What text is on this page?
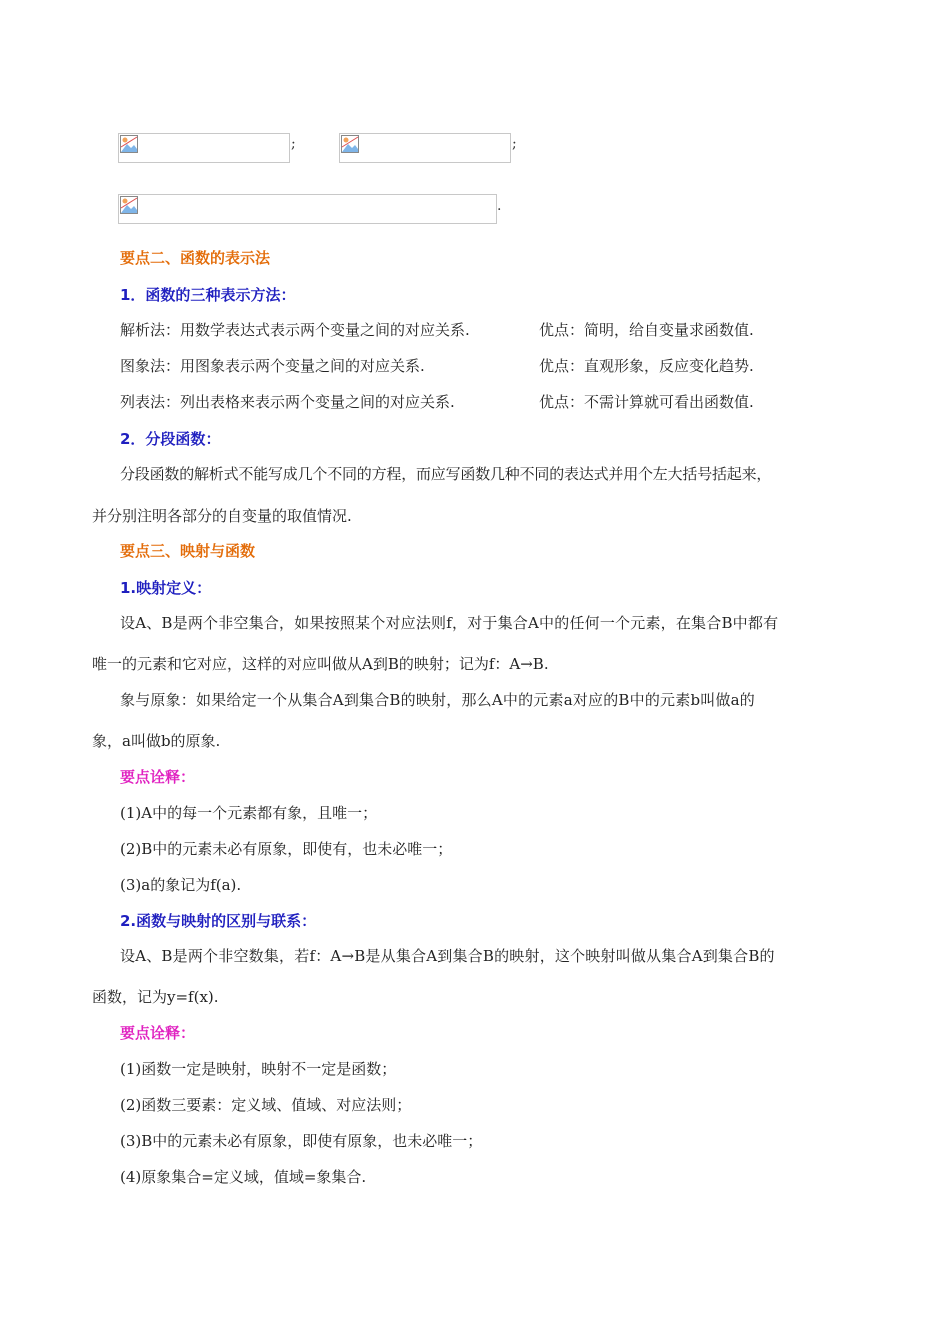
;	;
.
要点二、函数的表示法
1．函数的三种表示方法：
解析法：用数学表达式表示两个变量之间的对应关系.	优点：简明，给自变量求函数值.
图象法：用图象表示两个变量之间的对应关系.	优点：直观形象，反应变化趋势.
列表法：列出表格来表示两个变量之间的对应关系.	优点：不需计算就可看出函数值.
2．分段函数：
分段函数的解析式不能写成几个不同的方程，而应写函数几种不同的表达式并用个左大括号括起来，
并分别注明各部分的自变量的取值情况.
要点三、映射与函数
1.映射定义：
设A、B是两个非空集合，如果按照某个对应法则f，对于集合A中的任何一个元素，在集合B中都有
唯一的元素和它对应，这样的对应叫做从A到B的映射；记为f：A→B.
象与原象：如果给定一个从集合A到集合B的映射，那么A中的元素a对应的B中的元素b叫做a的
象，a叫做b的原象.
要点诠释：
(1)A中的每一个元素都有象，且唯一；
(2)B中的元素未必有原象，即使有，也未必唯一；
(3)a的象记为f(a).
2.函数与映射的区别与联系：
设A、B是两个非空数集，若f：A→B是从集合A到集合B的映射，这个映射叫做从集合A到集合B的
函数，记为y=f(x).
要点诠释：
(1)函数一定是映射，映射不一定是函数；
(2)函数三要素：定义域、值域、对应法则；
(3)B中的元素未必有原象，即使有原象，也未必唯一；
(4)原象集合=定义域，值域=象集合.
